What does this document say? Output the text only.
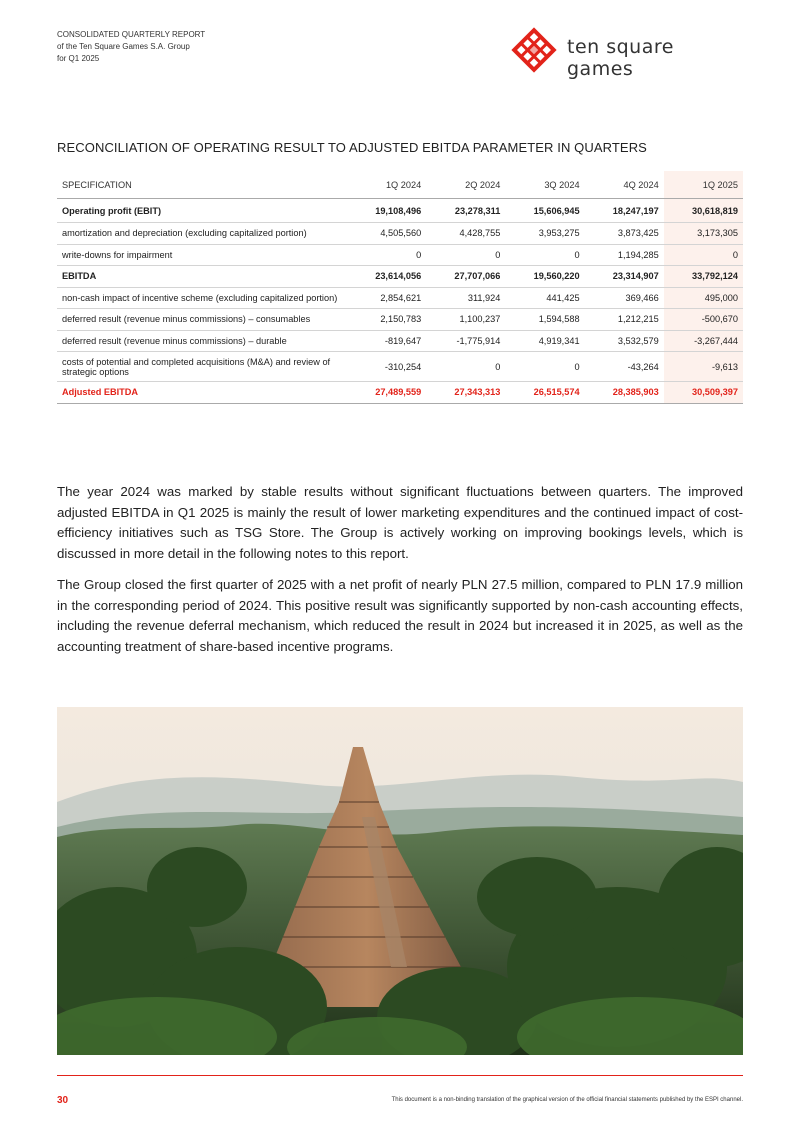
CONSOLIDATED QUARTERLY REPORT
of the Ten Square Games S.A. Group
for Q1 2025
ten square games
RECONCILIATION OF OPERATING RESULT TO ADJUSTED EBITDA PARAMETER IN QUARTERS
SPECIFICATION	1Q 2024	2Q 2024	3Q 2024	4Q 2024	1Q 2025
Operating profit (EBIT)	19,108,496	23,278,311	15,606,945	18,247,197	30,618,819
amortization and depreciation (excluding capitalized portion)	4,505,560	4,428,755	3,953,275	3,873,425	3,173,305
write-downs for impairment	0	0	0	1,194,285	0
EBITDA	23,614,056	27,707,066	19,560,220	23,314,907	33,792,124
non-cash impact of incentive scheme (excluding capitalized portion)	2,854,621	311,924	441,425	369,466	495,000
deferred result (revenue minus commissions) – consumables	2,150,783	1,100,237	1,594,588	1,212,215	-500,670
deferred result (revenue minus commissions) – durable	-819,647	-1,775,914	4,919,341	3,532,579	-3,267,444
costs of potential and completed acquisitions (M&A) and review of strategic options	-310,254	0	0	-43,264	-9,613
Adjusted EBITDA	27,489,559	27,343,313	26,515,574	28,385,903	30,509,397

The year 2024 was marked by stable results without significant fluctuations between quarters. The improved adjusted EBITDA in Q1 2025 is mainly the result of lower marketing expenditures and the continued impact of cost-efficiency initiatives such as TSG Store. The Group is actively working on improving bookings levels, which is discussed in more detail in the following notes to this report.

The Group closed the first quarter of 2025 with a net profit of nearly PLN 27.5 million, compared to PLN 17.9 million in the corresponding period of 2024. This positive result was significantly supported by non-cash accounting effects, including the revenue deferral mechanism, which reduced the result in 2024 but increased it in 2025, as well as the accounting treatment of share-based incentive programs.

30	This document is a non-binding translation of the graphical version of the official financial statements published by the ESPI channel.
